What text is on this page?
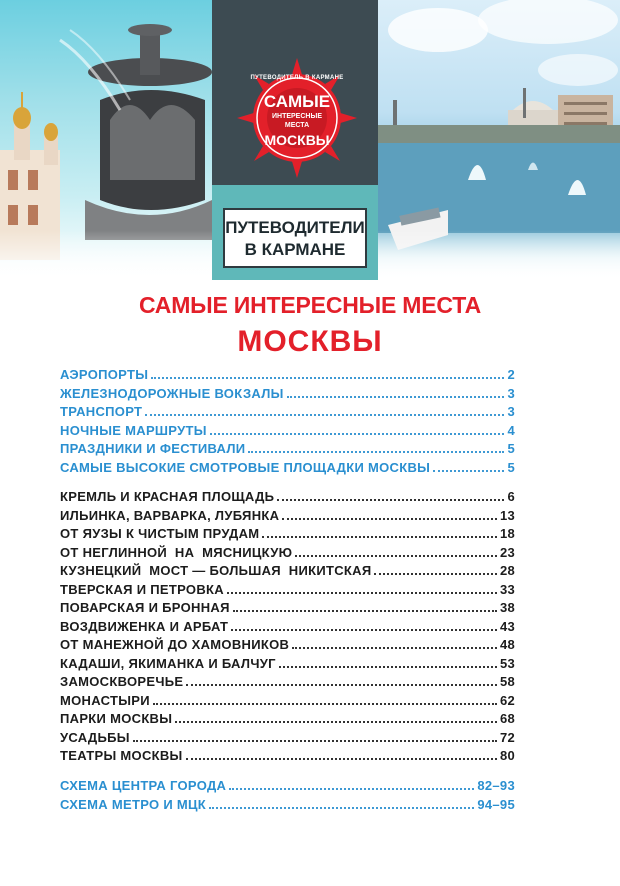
ПУТЕВОДИТЕЛЬ В КАРМАНЕ
САМЫЕ
ИНТЕРЕСНЫЕ
МЕСТА
МОСКВЫ
ПУТЕВОДИТЕЛИ
В КАРМАНЕ
САМЫЕ ИНТЕРЕСНЫЕ МЕСТА
МОСКВЫ
АЭРОПОРТЫ	2
ЖЕЛЕЗНОДОРОЖНЫЕ ВОКЗАЛЫ	3
ТРАНСПОРТ	3
НОЧНЫЕ МАРШРУТЫ	4
ПРАЗДНИКИ И ФЕСТИВАЛИ	5
САМЫЕ ВЫСОКИЕ СМОТРОВЫЕ ПЛОЩАДКИ МОСКВЫ	5
КРЕМЛЬ И КРАСНАЯ ПЛОЩАДЬ	6
ИЛЬИНКА, ВАРВАРКА, ЛУБЯНКА	13
ОТ ЯУЗЫ К ЧИСТЫМ ПРУДАМ	18
ОТ НЕГЛИННОЙ  НА  МЯСНИЦКУЮ	23
КУЗНЕЦКИЙ  МОСТ — БОЛЬШАЯ  НИКИТСКАЯ	28
ТВЕРСКАЯ И ПЕТРОВКА	33
ПОВАРСКАЯ И БРОННАЯ	38
ВОЗДВИЖЕНКА И АРБАТ	43
ОТ МАНЕЖНОЙ ДО ХАМОВНИКОВ	48
КАДАШИ, ЯКИМАНКА И БАЛЧУГ	53
ЗАМОСКВОРЕЧЬЕ	58
МОНАСТЫРИ	62
ПАРКИ МОСКВЫ	68
УСАДЬБЫ	72
ТЕАТРЫ МОСКВЫ	80
СХЕМА ЦЕНТРА ГОРОДА	82–93
СХЕМА МЕТРО И МЦК	94–95
